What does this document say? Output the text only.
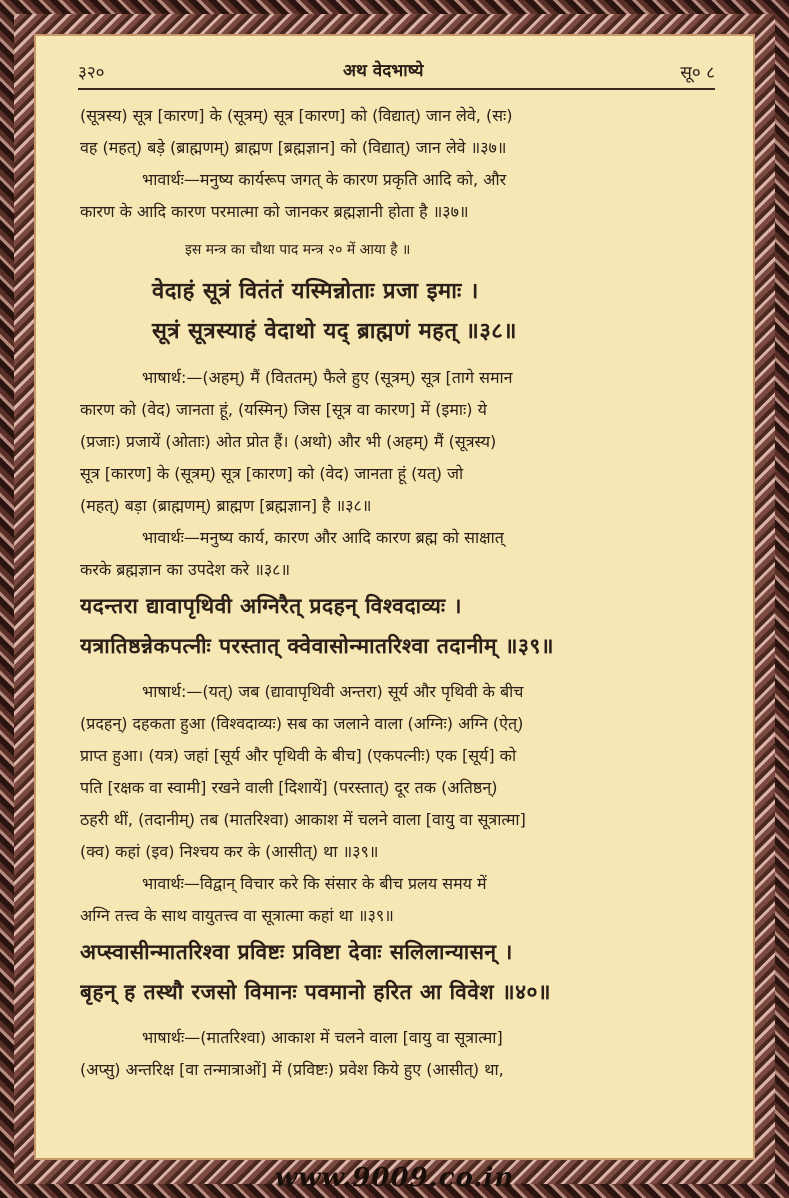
३२०	अथ वेदभाष्ये	सू० ८

(सूत्रस्य) सूत्र [कारण] के (सूत्रम्) सूत्र [कारण] को (विद्यात्) जान लेवे, (सः)

वह (महत्) बड़े (ब्राह्मणम्) ब्राह्मण [ब्रह्मज्ञान] को (विद्यात्) जान लेवे ॥३७॥

भावार्थः—मनुष्य कार्यरूप जगत् के कारण प्रकृति आदि को, और

कारण के आदि कारण परमात्मा को जानकर ब्रह्मज्ञानी होता है ॥३७॥

इस मन्त्र का चौथा पाद मन्त्र २० में आया है ॥

वेदाहं सूत्रं वितंतं यस्मिन्नोताः प्रजा इमाः ।

सूत्रं सूत्रस्याहं वेदाथो यद् ब्राह्मणं महत् ॥३८॥

भाषार्थ:—(अहम्) मैं (विततम्) फैले हुए (सूत्रम्) सूत्र [तागे समान

कारण को (वेद) जानता हूं, (यस्मिन्) जिस [सूत्र वा कारण] में (इमाः) ये

(प्रजाः) प्रजायें (ओताः) ओत प्रोत हैं। (अथो) और भी (अहम्) मैं (सूत्रस्य)

सूत्र [कारण] के (सूत्रम्) सूत्र [कारण] को (वेद) जानता हूं (यत्) जो

(महत्) बड़ा (ब्राह्मणम्) ब्राह्मण [ब्रह्मज्ञान] है ॥३८॥

भावार्थः—मनुष्य कार्य, कारण और आदि कारण ब्रह्म को साक्षात्

करके ब्रह्मज्ञान का उपदेश करे ॥३८॥

यदन्तरा द्यावापृथिवी अग्निरैत् प्रदहन् विश्वदाव्यः ।

यत्रातिष्ठन्नेकपत्नीः परस्तात् क्वेवासोन्मातरिश्वा तदानीम् ॥३९॥

भाषार्थ:—(यत्) जब (द्यावापृथिवी अन्तरा) सूर्य और पृथिवी के बीच

(प्रदहन्) दहकता हुआ (विश्वदाव्यः) सब का जलाने वाला (अग्निः) अग्नि (ऐत्)

प्राप्त हुआ। (यत्र) जहां [सूर्य और पृथिवी के बीच] (एकपत्नीः) एक [सूर्य] को

पति [रक्षक वा स्वामी] रखने वाली [दिशायें] (परस्तात्) दूर तक (अतिष्ठन्)

ठहरी थीं, (तदानीम्) तब (मातरिश्वा) आकाश में चलने वाला [वायु वा सूत्रात्मा]

(क्व) कहां (इव) निश्चय कर के (आसीत्) था ॥३९॥

भावार्थः—विद्वान् विचार करे कि संसार के बीच प्रलय समय में

अग्नि तत्त्व के साथ वायुतत्त्व वा सूत्रात्मा कहां था ॥३९॥

अप्स्वासीन्मातरिश्वा प्रविष्टः प्रविष्टा देवाः सलिलान्यासन् ।

बृहन् ह तस्थौ रजसो विमानः पवमानो हरित आ विवेश ॥४०॥

भाषार्थः—(मातरिश्वा) आकाश में चलने वाला [वायु वा सूत्रात्मा]

(अप्सु) अन्तरिक्ष [वा तन्मात्राओं] में (प्रविष्टः) प्रवेश किये हुए (आसीत्) था,

www.9009.co.in
